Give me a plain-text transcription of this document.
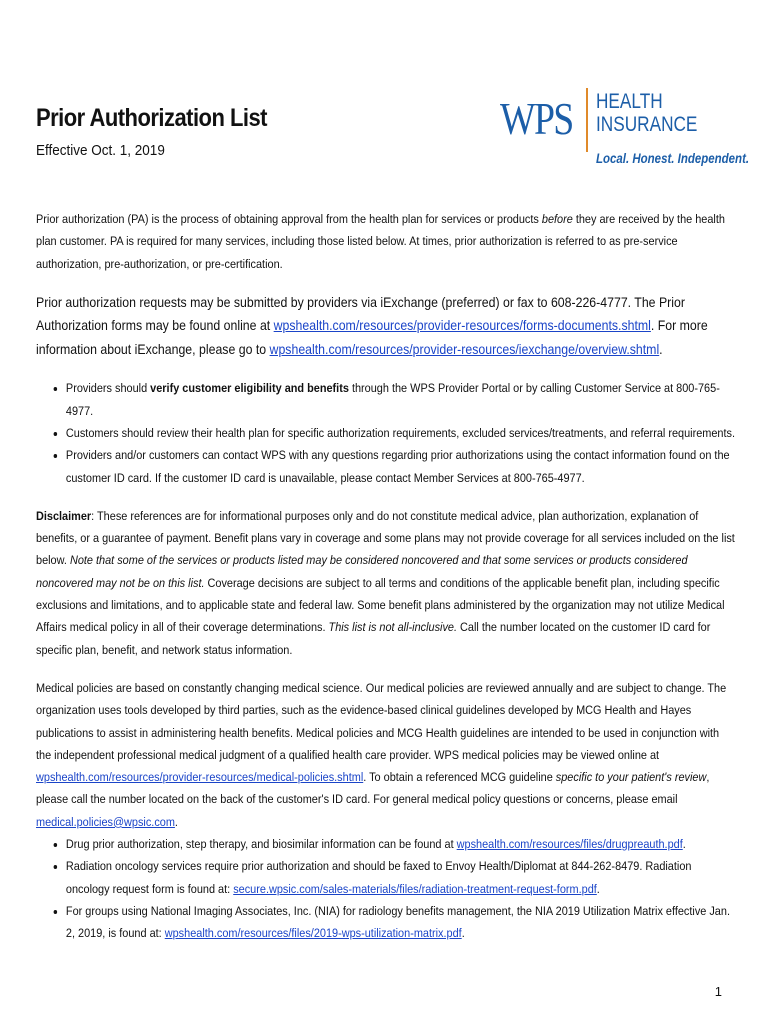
Prior Authorization List
Effective Oct. 1, 2019
WPS HEALTH
INSURANCE
Local. Honest. Independent.

Prior authorization (PA) is the process of obtaining approval from the health plan for services or products before they are received by the health plan customer. PA is required for many services, including those listed below. At times, prior authorization is referred to as pre-service authorization, pre-authorization, or pre-certification.

Prior authorization requests may be submitted by providers via iExchange (preferred) or fax to 608-226-4777. The Prior Authorization forms may be found online at wpshealth.com/resources/provider-resources/forms-documents.shtml. For more information about iExchange, please go to wpshealth.com/resources/provider-resources/iexchange/overview.shtml.

• Providers should verify customer eligibility and benefits through the WPS Provider Portal or by calling Customer Service at 800-765-4977.
• Customers should review their health plan for specific authorization requirements, excluded services/treatments, and referral requirements.
• Providers and/or customers can contact WPS with any questions regarding prior authorizations using the contact information found on the customer ID card. If the customer ID card is unavailable, please contact Member Services at 800-765-4977.

Disclaimer: These references are for informational purposes only and do not constitute medical advice, plan authorization, explanation of benefits, or a guarantee of payment. Benefit plans vary in coverage and some plans may not provide coverage for all services included on the list below. Note that some of the services or products listed may be considered noncovered and that some services or products considered noncovered may not be on this list. Coverage decisions are subject to all terms and conditions of the applicable benefit plan, including specific exclusions and limitations, and to applicable state and federal law. Some benefit plans administered by the organization may not utilize Medical Affairs medical policy in all of their coverage determinations. This list is not all-inclusive. Call the number located on the customer ID card for specific plan, benefit, and network status information.

Medical policies are based on constantly changing medical science. Our medical policies are reviewed annually and are subject to change. The organization uses tools developed by third parties, such as the evidence-based clinical guidelines developed by MCG Health and Hayes publications to assist in administering health benefits. Medical policies and MCG Health guidelines are intended to be used in conjunction with the independent professional medical judgment of a qualified health care provider. WPS medical policies may be viewed online at wpshealth.com/resources/provider-resources/medical-policies.shtml. To obtain a referenced MCG guideline specific to your patient's review, please call the number located on the back of the customer's ID card. For general medical policy questions or concerns, please email medical.policies@wpsic.com.

• Drug prior authorization, step therapy, and biosimilar information can be found at wpshealth.com/resources/files/drugpreauth.pdf.
• Radiation oncology services require prior authorization and should be faxed to Envoy Health/Diplomat at 844-262-8479. Radiation oncology request form is found at: secure.wpsic.com/sales-materials/files/radiation-treatment-request-form.pdf.
• For groups using National Imaging Associates, Inc. (NIA) for radiology benefits management, the NIA 2019 Utilization Matrix effective Jan. 2, 2019, is found at: wpshealth.com/resources/files/2019-wps-utilization-matrix.pdf.
1
